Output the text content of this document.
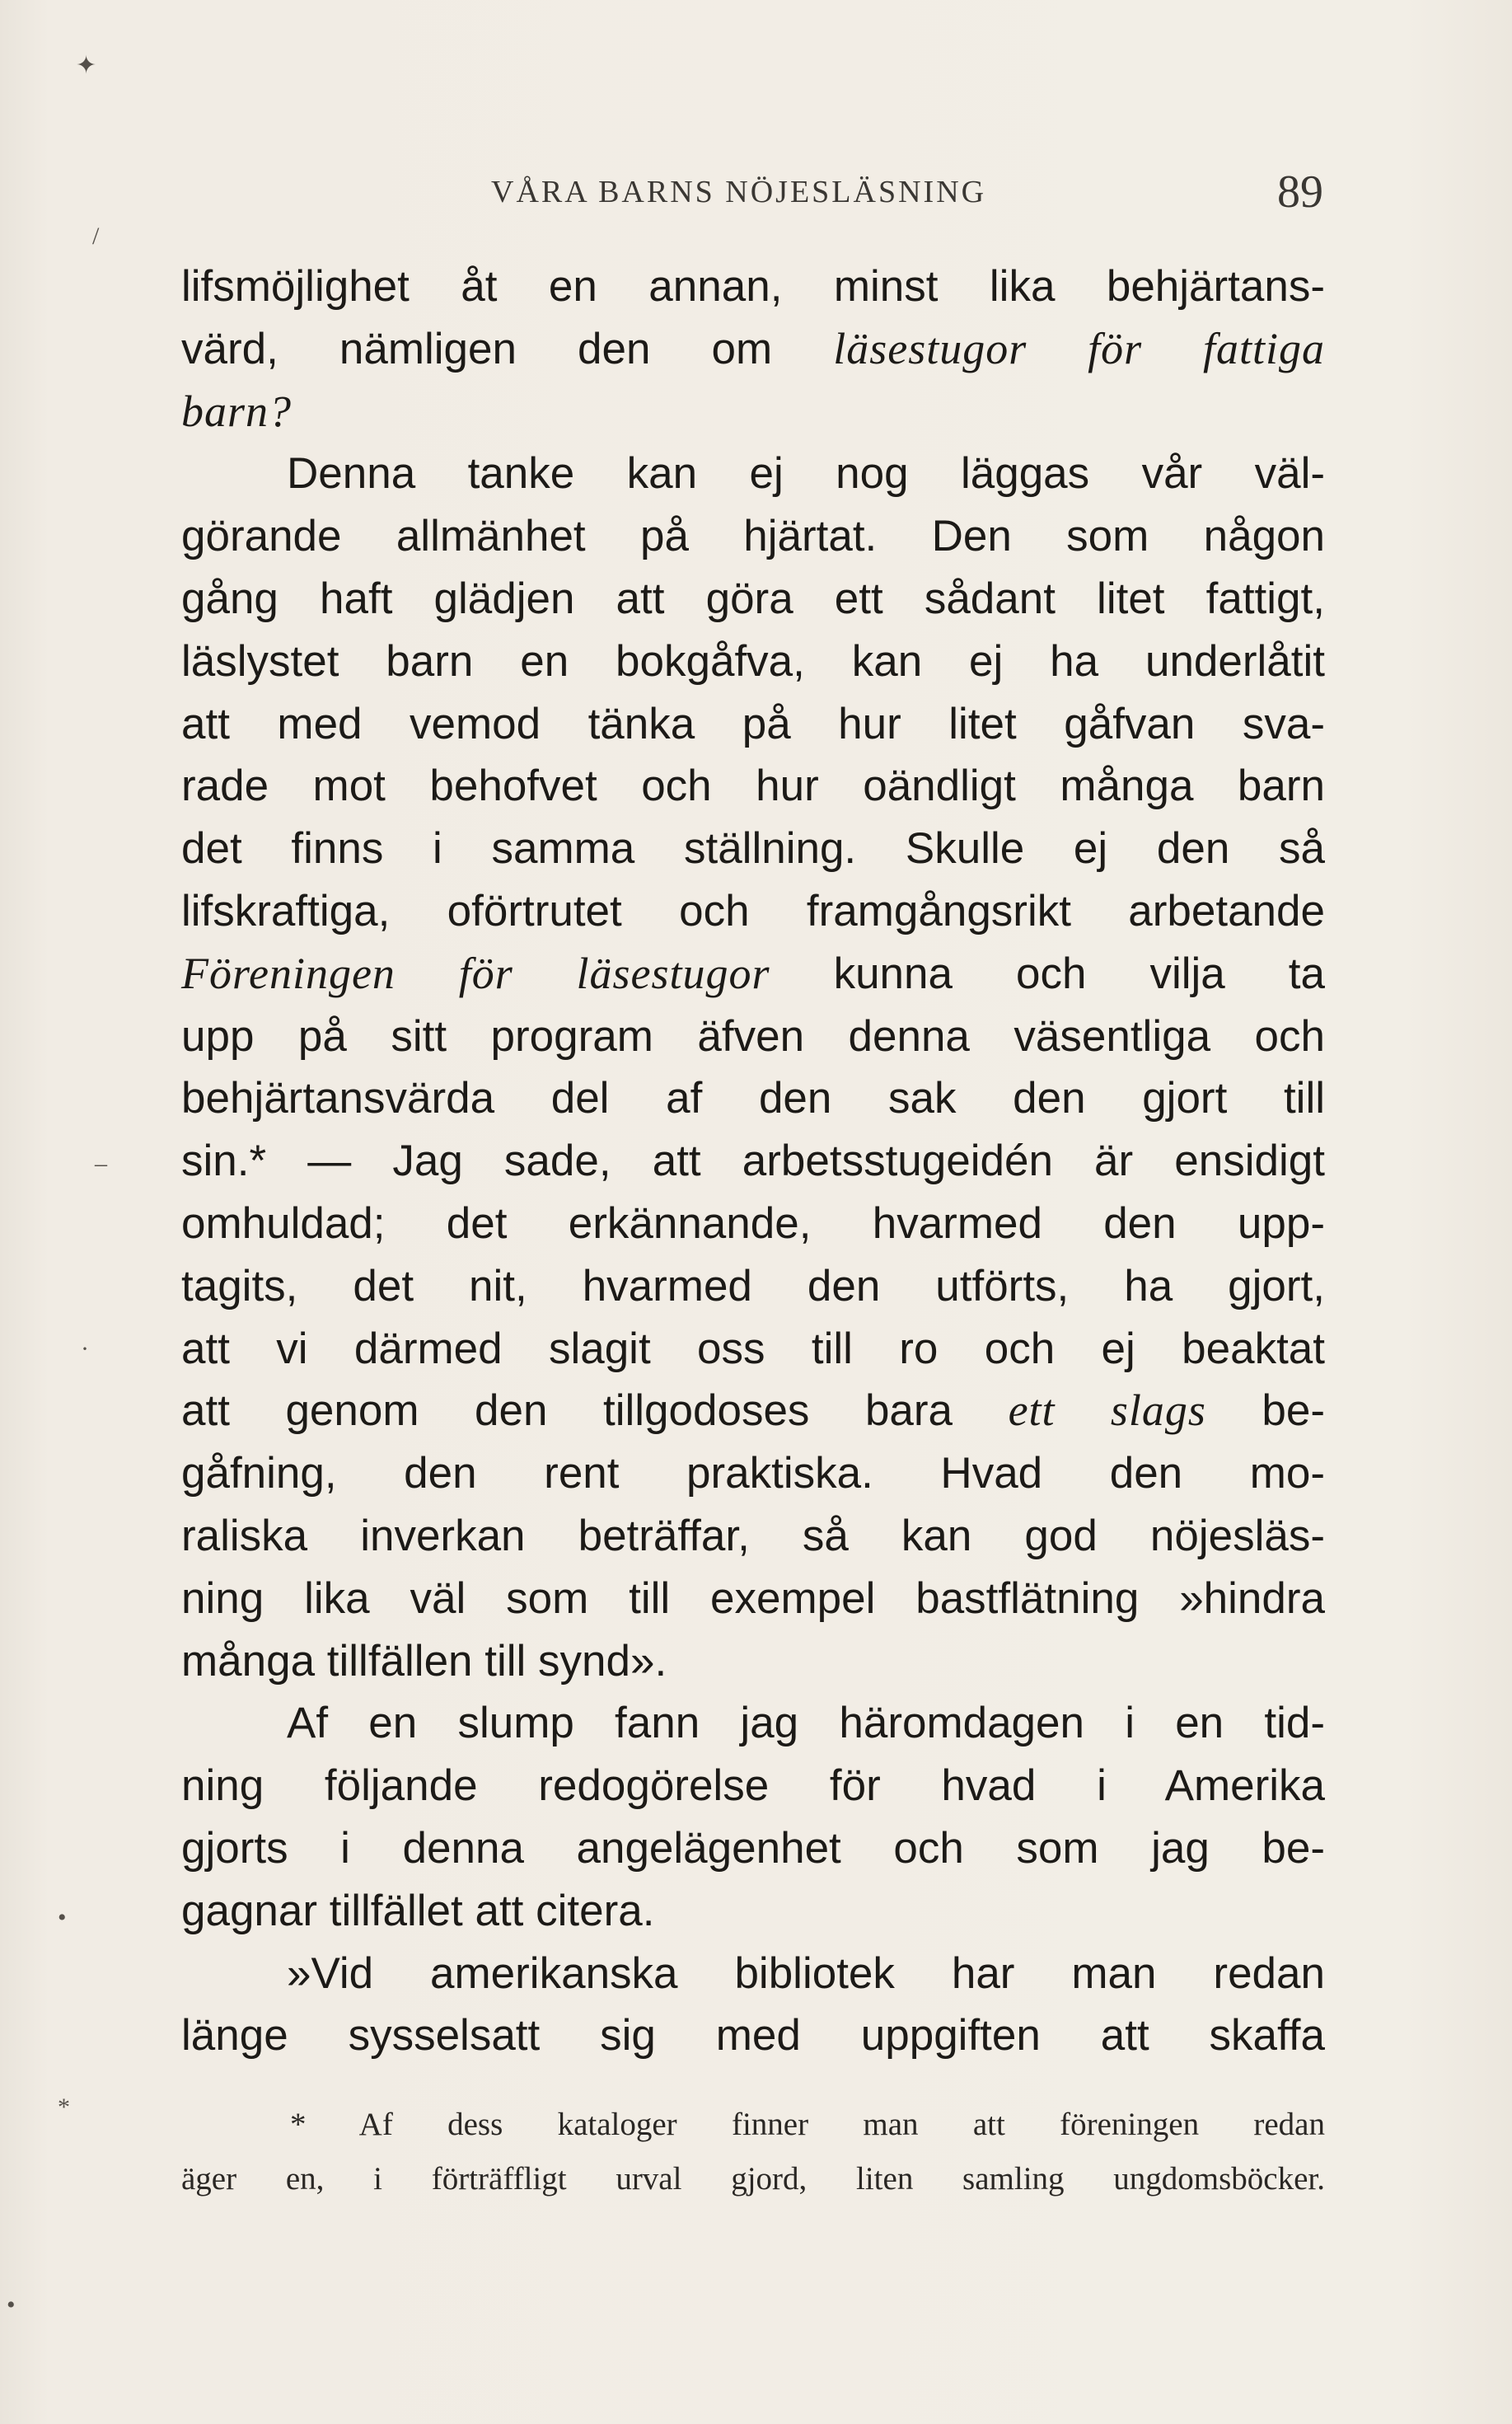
VÅRA BARNS NÖJESLÄSNING	89
lifsmöjlighet åt en annan, minst lika behjärtans-
värd, nämligen den om läsestugor för fattiga
barn?
Denna tanke kan ej nog läggas vår väl-
görande allmänhet på hjärtat. Den som någon
gång haft glädjen att göra ett sådant litet fattigt,
läslystet barn en bokgåfva, kan ej ha underlåtit
att med vemod tänka på hur litet gåfvan sva-
rade mot behofvet och hur oändligt många barn
det finns i samma ställning. Skulle ej den så
lifskraftiga, oförtrutet och framgångsrikt arbetande
Föreningen för läsestugor kunna och vilja ta
upp på sitt program äfven denna väsentliga och
behjärtansvärda del af den sak den gjort till
sin.* — Jag sade, att arbetsstugeidén är ensidigt
omhuldad; det erkännande, hvarmed den upp-
tagits, det nit, hvarmed den utförts, ha gjort,
att vi därmed slagit oss till ro och ej beaktat
att genom den tillgodoses bara ett slags be-
gåfning, den rent praktiska. Hvad den mo-
raliska inverkan beträffar, så kan god nöjesläs-
ning lika väl som till exempel bastflätning »hindra
många tillfällen till synd».
Af en slump fann jag häromdagen i en tid-
ning följande redogörelse för hvad i Amerika
gjorts i denna angelägenhet och som jag be-
gagnar tillfället att citera.
»Vid amerikanska bibliotek har man redan
länge sysselsatt sig med uppgiften att skaffa
* Af dess kataloger finner man att föreningen redan
äger en, i förträffligt urval gjord, liten samling ungdomsböcker.
✦
/
–
·
•
*
•
